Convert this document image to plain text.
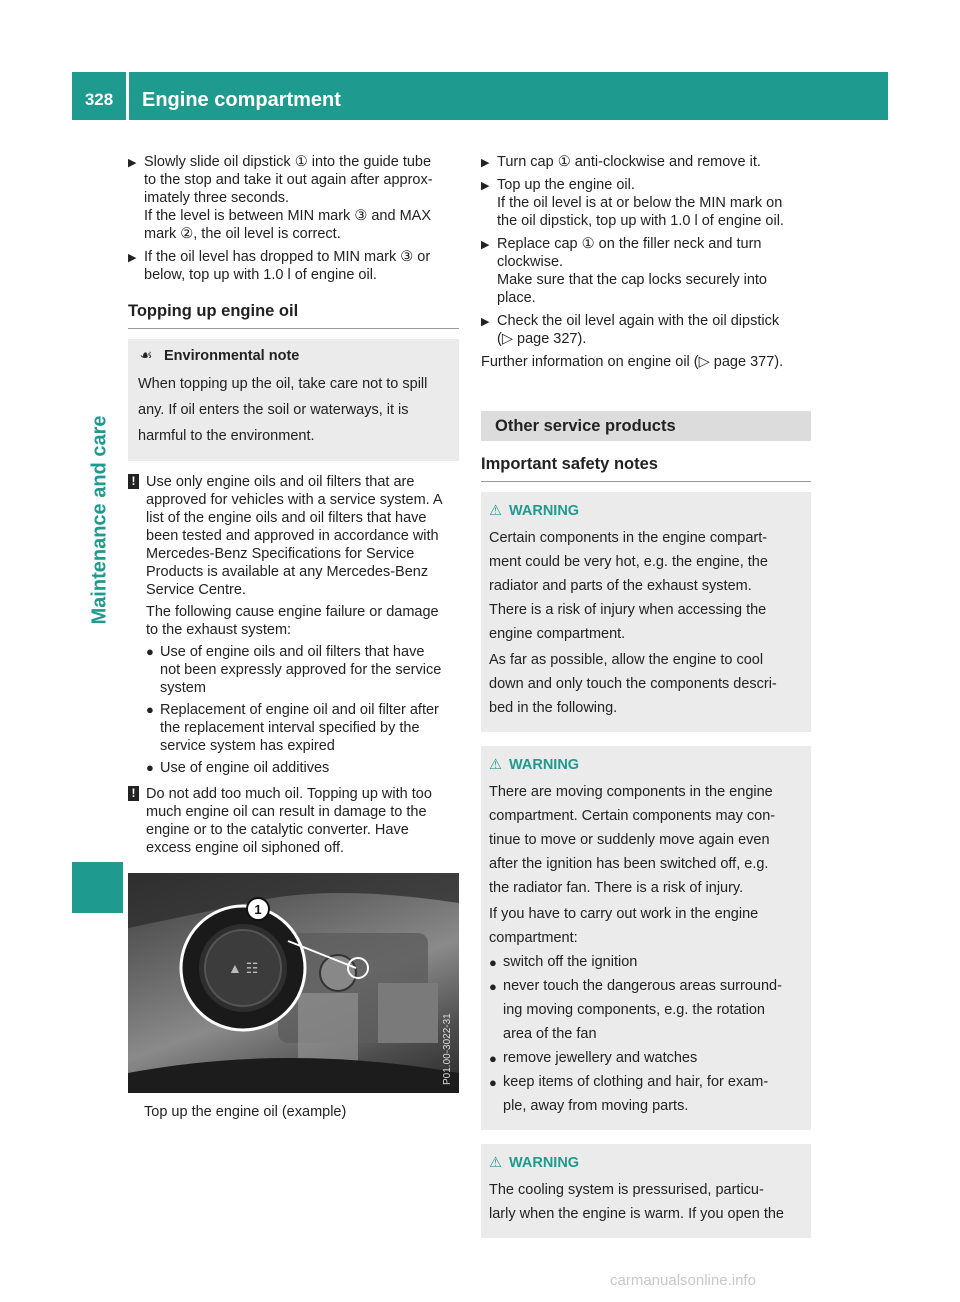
328	Engine compartment
Maintenance and care
▶ Slowly slide oil dipstick ① into the guide tube
to the stop and take it out again after approx-
imately three seconds.
If the level is between MIN mark ③ and MAX
mark ②, the oil level is correct.
▶ If the oil level has dropped to MIN mark ③ or
below, top up with 1.0 l of engine oil.
Topping up engine oil
☙ Environmental note

When topping up the oil, take care not to spill

any. If oil enters the soil or waterways, it is

harmful to the environment.

! Use only engine oils and oil filters that are

approved for vehicles with a service system. A

list of the engine oils and oil filters that have

been tested and approved in accordance with

Mercedes-Benz Specifications for Service

Products is available at any Mercedes-Benz

Service Centre.

The following cause engine failure or damage

to the exhaust system:

● Use of engine oils and oil filters that have

not been expressly approved for the service

system

● Replacement of engine oil and oil filter after

the replacement interval specified by the

service system has expired

● Use of engine oil additives

! Do not add too much oil. Topping up with too

much engine oil can result in damage to the

engine or to the catalytic converter. Have

excess engine oil siphoned off.

▲ ☷
1
P01.00-3022-31
Top up the engine oil (example)
▶ Turn cap ① anti-clockwise and remove it.
▶ Top up the engine oil.
If the oil level is at or below the MIN mark on
the oil dipstick, top up with 1.0 l of engine oil.
▶ Replace cap ① on the filler neck and turn
clockwise.
Make sure that the cap locks securely into
place.
▶ Check the oil level again with the oil dipstick
(▷ page 327).

Further information on engine oil (▷ page 377).

Other service products
Important safety notes
⚠ WARNING

Certain components in the engine compart-

ment could be very hot, e.g. the engine, the

radiator and parts of the exhaust system.

There is a risk of injury when accessing the

engine compartment.

As far as possible, allow the engine to cool

down and only touch the components descri-

bed in the following.

⚠ WARNING

There are moving components in the engine

compartment. Certain components may con-

tinue to move or suddenly move again even

after the ignition has been switched off, e.g.

the radiator fan. There is a risk of injury.

If you have to carry out work in the engine

compartment:

● switch off the ignition

● never touch the dangerous areas surround-

ing moving components, e.g. the rotation

area of the fan

● remove jewellery and watches

● keep items of clothing and hair, for exam-

ple, away from moving parts.

⚠ WARNING

The cooling system is pressurised, particu-

larly when the engine is warm. If you open the

carmanualsonline.info
